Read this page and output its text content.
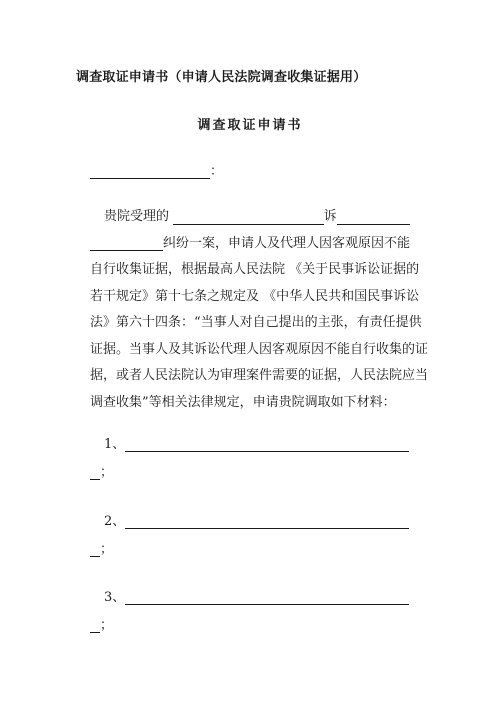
调查取证申请书（申请人民法院调查收集证据用）
调查取证申请书
：
贵院受理的	诉
纠纷一案，申请人及代理人因客观原因不能
自行收集证据，根据最高人民法院 《关于民事诉讼证据的
若干规定》第十七条之规定及 《中华人民共和国民事诉讼
法》第六十四条：“当事人对自己提出的主张，有责任提供
证据。当事人及其诉讼代理人因客观原因不能自行收集的证
据，或者人民法院认为审理案件需要的证据，人民法院应当
调查收集”等相关法律规定，申请贵院调取如下材料：
1、
；
2、
；
3、
；
